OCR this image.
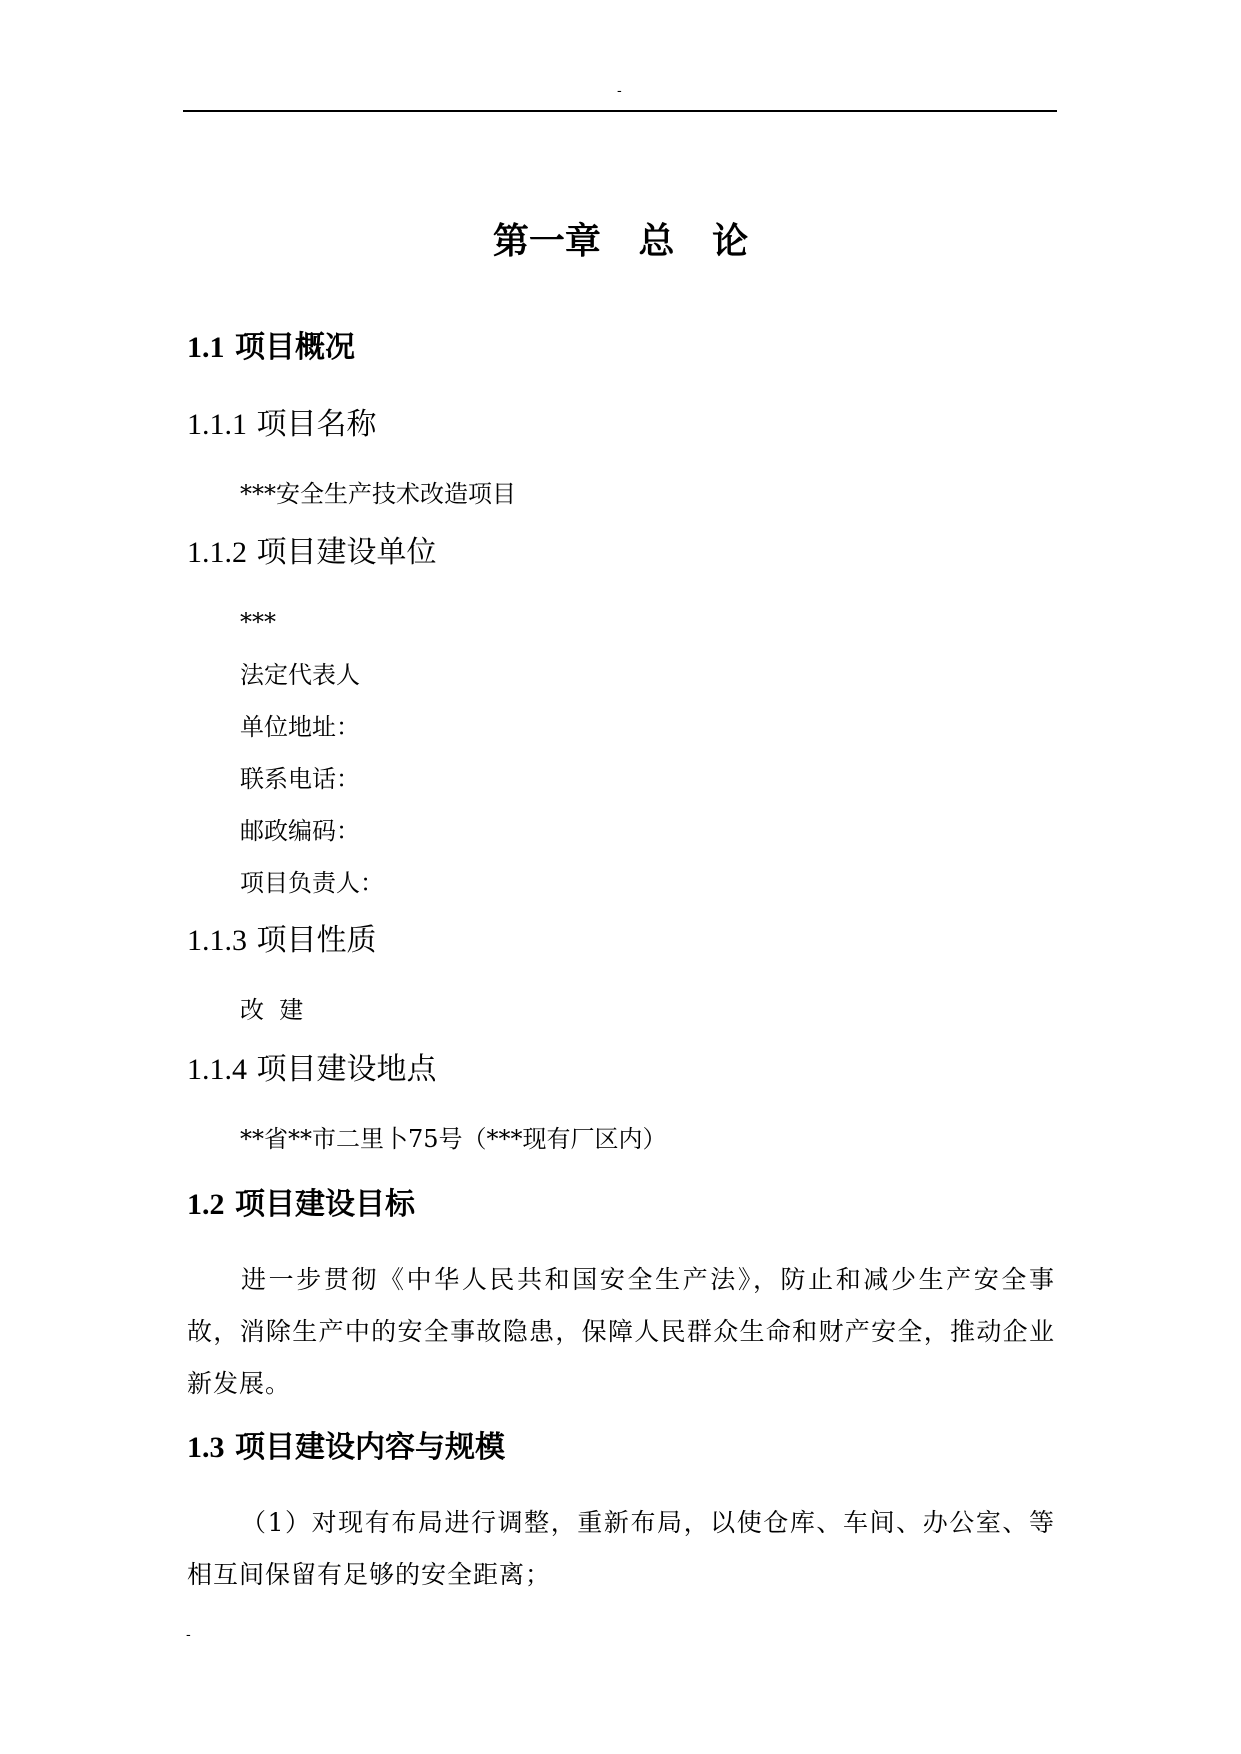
-
第一章   总   论
1.1 项目概况
1.1.1 项目名称
***安全生产技术改造项目
1.1.2 项目建设单位
***
法定代表人
单位地址：
联系电话：
邮政编码：
项目负责人：
1.1.3 项目性质
改  建
1.1.4 项目建设地点
**省**市二里卜75号（***现有厂区内）
1.2 项目建设目标
进一步贯彻《中华人民共和国安全生产法》，防止和减少生产安全事故，消除生产中的安全事故隐患，保障人民群众生命和财产安全，推动企业新发展。
1.3 项目建设内容与规模
（1）对现有布局进行调整，重新布局，以使仓库、车间、办公室、等相互间保留有足够的安全距离；
-
